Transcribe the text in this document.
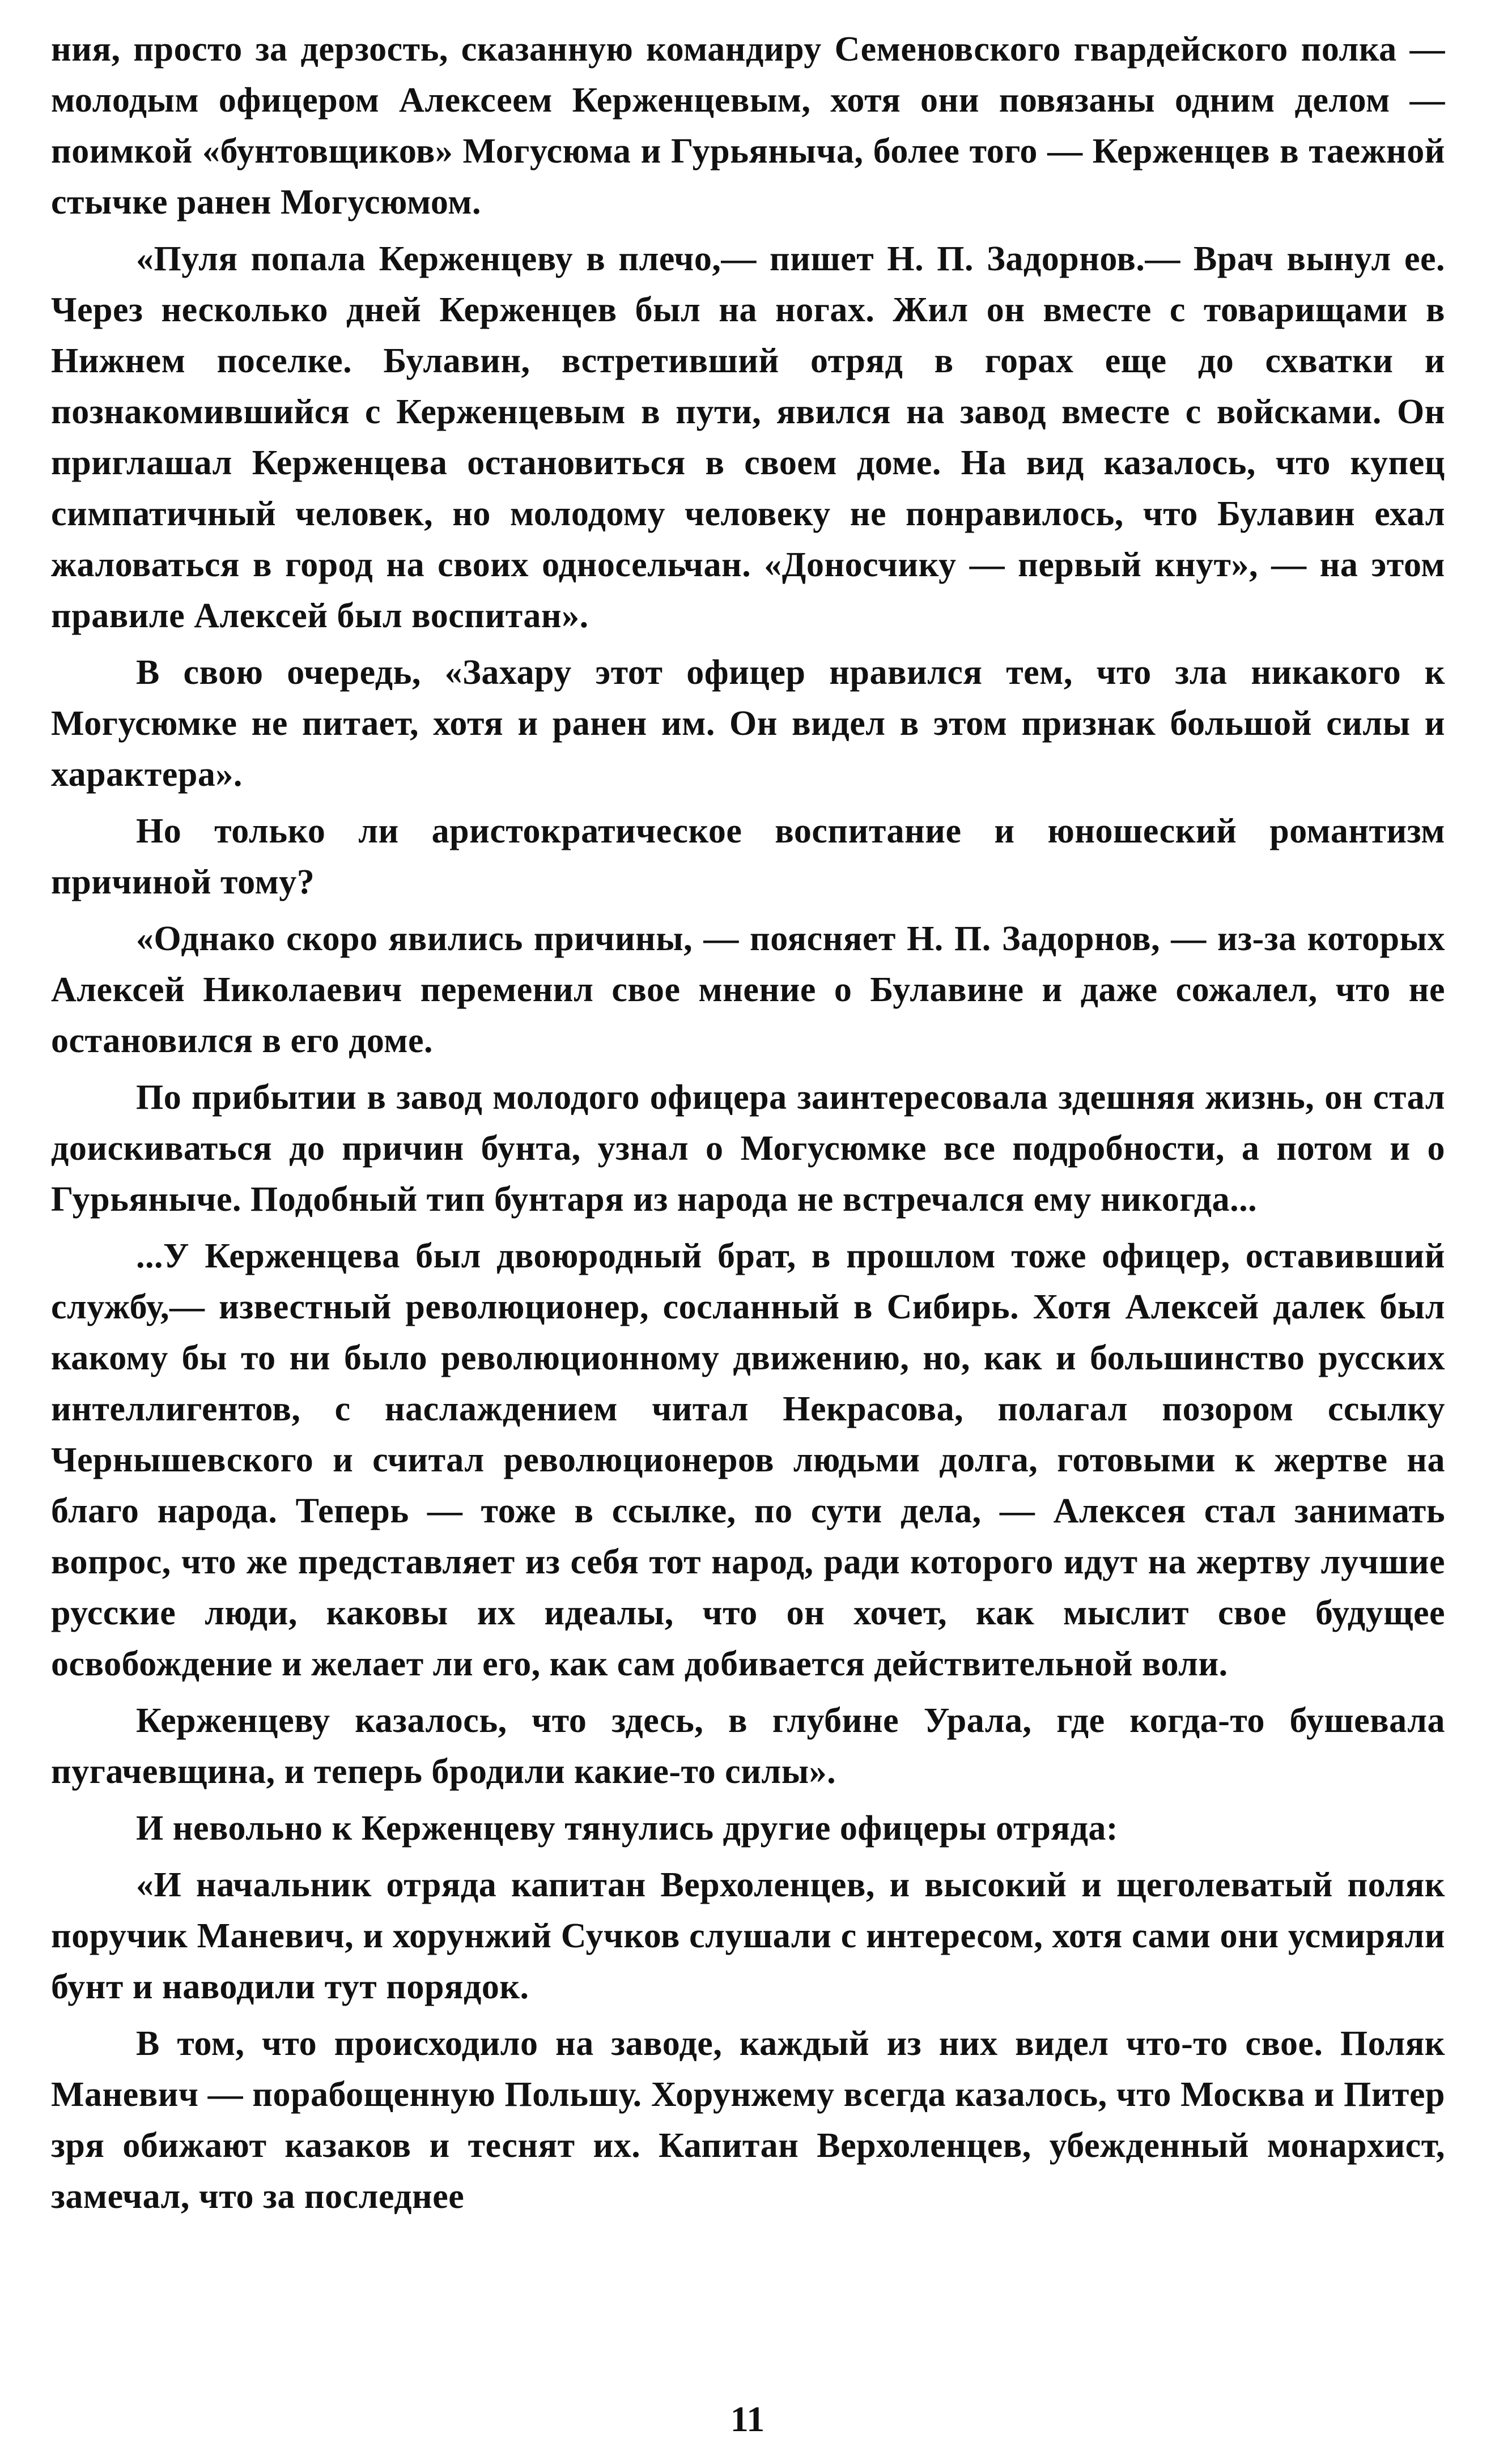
ния, просто за дерзость, сказанную командиру Семеновского гвардейского полка — молодым офицером Алексеем Керженцевым, хотя они повязаны одним делом — поимкой «бунтовщиков» Могусюма и Гурьяныча, более того — Керженцев в таежной стычке ранен Могусюмом.

«Пуля попала Керженцеву в плечо,— пишет Н. П. Задорнов.— Врач вынул ее. Через несколько дней Керженцев был на ногах. Жил он вместе с товарищами в Нижнем поселке. Булавин, встретивший отряд в горах еще до схватки и познакомившийся с Керженцевым в пути, явился на завод вместе с войсками. Он приглашал Керженцева остановиться в своем доме. На вид казалось, что купец симпатичный человек, но молодому человеку не понравилось, что Булавин ехал жаловаться в город на своих односельчан. «Доносчику — первый кнут», — на этом правиле Алексей был воспитан».

В свою очередь, «Захару этот офицер нравился тем, что зла никакого к Могусюмке не питает, хотя и ранен им. Он видел в этом признак большой силы и характера».

Но только ли аристократическое воспитание и юношеский романтизм причиной тому?

«Однако скоро явились причины, — поясняет Н. П. Задорнов, — из-за которых Алексей Николаевич переменил свое мнение о Булавине и даже сожалел, что не остановился в его доме.

По прибытии в завод молодого офицера заинтересовала здешняя жизнь, он стал доискиваться до причин бунта, узнал о Могусюмке все подробности, а потом и о Гурьяныче. Подобный тип бунтаря из народа не встречался ему никогда...

...У Керженцева был двоюродный брат, в прошлом тоже офицер, оставивший службу,— известный революционер, сосланный в Сибирь. Хотя Алексей далек был какому бы то ни было революционному движению, но, как и большинство русских интеллигентов, с наслаждением читал Некрасова, полагал позором ссылку Чернышевского и считал революционеров людьми долга, готовыми к жертве на благо народа. Теперь — тоже в ссылке, по сути дела, — Алексея стал занимать вопрос, что же представляет из себя тот народ, ради которого идут на жертву лучшие русские люди, каковы их идеалы, что он хочет, как мыслит свое будущее освобождение и желает ли его, как сам добивается действительной воли.

Керженцеву казалось, что здесь, в глубине Урала, где когда-то бушевала пугачевщина, и теперь бродили какие-то силы».

И невольно к Керженцеву тянулись другие офицеры отряда:

«И начальник отряда капитан Верхоленцев, и высокий и щеголеватый поляк поручик Маневич, и хорунжий Сучков слушали с интересом, хотя сами они усмиряли бунт и наводили тут порядок.

В том, что происходило на заводе, каждый из них видел что-то свое. Поляк Маневич — порабощенную Польшу. Хорунжему всегда казалось, что Москва и Питер зря обижают казаков и теснят их. Капитан Верхоленцев, убежденный монархист, замечал, что за последнее

11
